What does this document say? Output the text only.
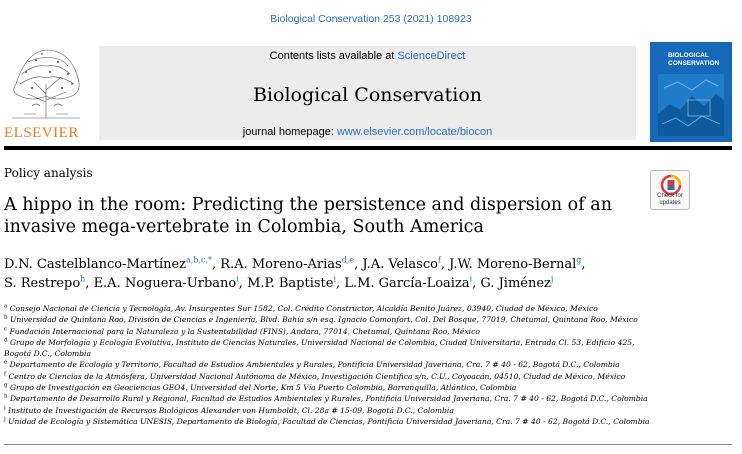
Biological Conservation 253 (2021) 108923
ELSEVIER
Contents lists available at ScienceDirect
Biological Conservation
journal homepage: www.elsevier.com/locate/biocon
BIOLOGICAL
CONSERVATION
Policy analysis
Check for
updates
A hippo in the room: Predicting the persistence and dispersion of an invasive mega-vertebrate in Colombia, South America
D.N. Castelblanco-Martínez$^{a,b,c,*}$, R.A. Moreno-Arias$^{d,e}$, J.A. Velasco$^f$, J.W. Moreno-Bernal$^g$,
S. Restrepo$^h$, E.A. Noguera-Urbano$^i$, M.P. Baptiste$^i$, L.M. García-Loaiza$^i$, G. Jiménez$^j$
$^a$ Consejo Nacional de Ciencia y Tecnología, Av. Insurgentes Sur 1582, Col. Crédito Constructor, Alcaldía Benito Juárez, 03940, Ciudad de México, México
$^b$ Universidad de Quintana Roo, División de Ciencias e Ingeniería, Blvd. Bahía s/n esq. Ignacio Comonfort, Col. Del Bosque, 77019, Chetumal, Quintana Roo, México
$^c$ Fundación Internacional para la Naturaleza y la Sustentabilidad (FINS), Andara, 77014, Chetumal, Quintana Roo, México
$^d$ Grupo de Morfología y Ecología Evolutiva, Instituto de Ciencias Naturales, Universidad Nacional de Colombia, Ciudad Universitaria, Entrada Cl. 53, Edificio 425, Bogotá D.C., Colombia
$^e$ Departamento de Ecología y Territorio, Facultad de Estudios Ambientales y Rurales, Pontificia Universidad Javeriana, Cra. 7 # 40 - 62, Bogotá D.C., Colombia
$^f$ Centro de Ciencias de la Atmósfera, Universidad Nacional Autónoma de México, Investigación Científica s/n, C.U., Coyoacán, 04510, Ciudad de México, México
$^g$ Grupo de Investigación en Geociencias GEO4, Universidad del Norte, Km 5 Vía Puerto Colombia, Barranquilla, Atlántico, Colombia
$^h$ Departamento de Desarrollo Rural y Regional, Facultad de Estudios Ambientales y Rurales, Pontificia Universidad Javeriana, Cra. 7 # 40 - 62, Bogotá D.C., Colombia
$^i$ Instituto de Investigación de Recursos Biológicos Alexander von Humboldt, Cl. 28a # 15-09, Bogotá D.C., Colombia
$^j$ Unidad de Ecología y Sistemática UNESIS, Departamento de Biología, Facultad de Ciencias, Pontificia Universidad Javeriana, Cra. 7 # 40 - 62, Bogotá D.C., Colombia
